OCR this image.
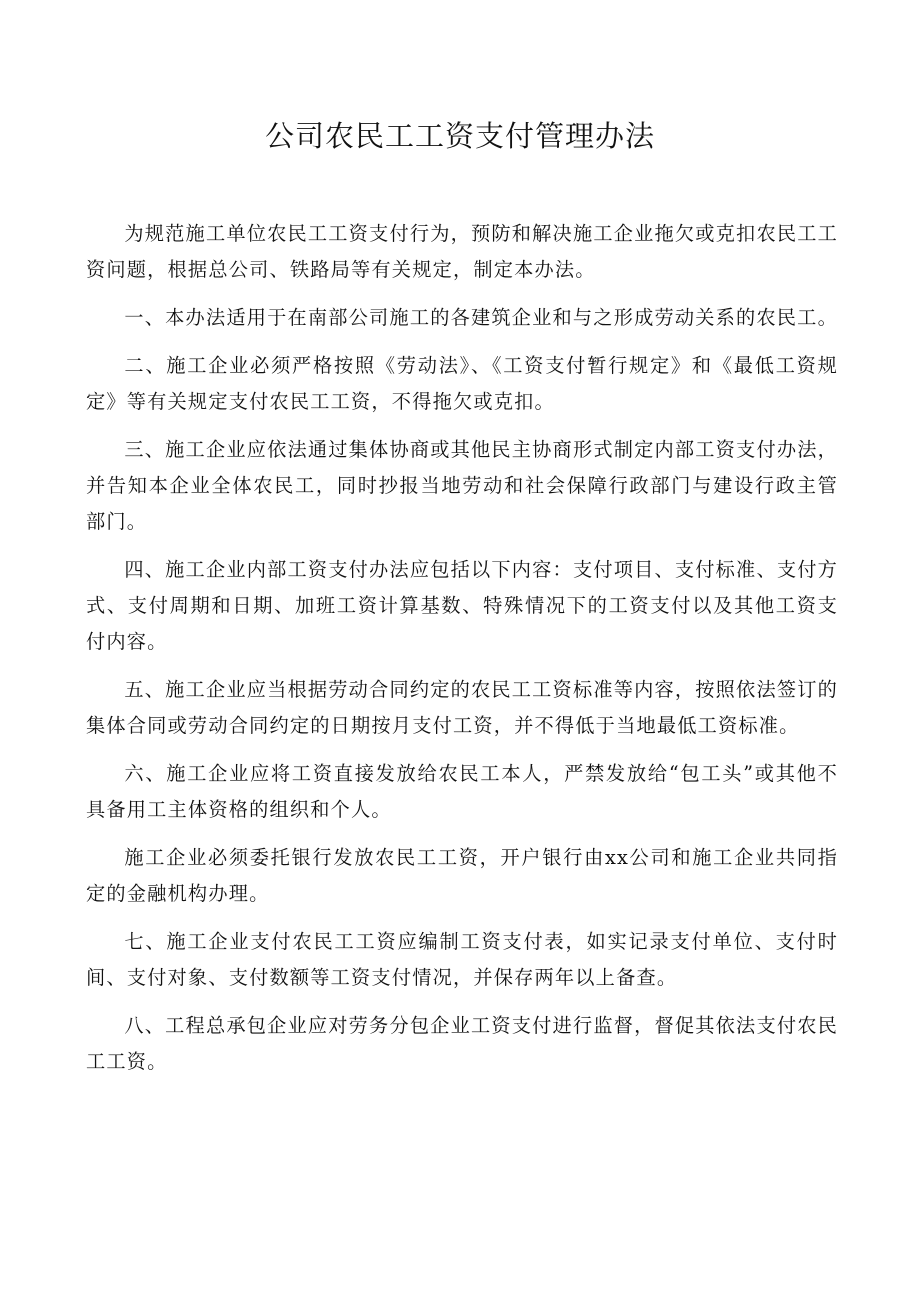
公司农民工工资支付管理办法

为规范施工单位农民工工资支付行为，预防和解决施工企业拖欠或克扣农民工工资问题，根据总公司、铁路局等有关规定，制定本办法。

一、本办法适用于在南部公司施工的各建筑企业和与之形成劳动关系的农民工。

二、施工企业必须严格按照《劳动法》、《工资支付暂行规定》和《最低工资规定》等有关规定支付农民工工资，不得拖欠或克扣。

三、施工企业应依法通过集体协商或其他民主协商形式制定内部工资支付办法，并告知本企业全体农民工，同时抄报当地劳动和社会保障行政部门与建设行政主管部门。

四、施工企业内部工资支付办法应包括以下内容：支付项目、支付标准、支付方式、支付周期和日期、加班工资计算基数、特殊情况下的工资支付以及其他工资支付内容。

五、施工企业应当根据劳动合同约定的农民工工资标准等内容，按照依法签订的集体合同或劳动合同约定的日期按月支付工资，并不得低于当地最低工资标准。

六、施工企业应将工资直接发放给农民工本人，严禁发放给“包工头”或其他不具备用工主体资格的组织和个人。

施工企业必须委托银行发放农民工工资，开户银行由xx公司和施工企业共同指定的金融机构办理。

七、施工企业支付农民工工资应编制工资支付表，如实记录支付单位、支付时间、支付对象、支付数额等工资支付情况，并保存两年以上备查。

八、工程总承包企业应对劳务分包企业工资支付进行监督，督促其依法支付农民工工资。
